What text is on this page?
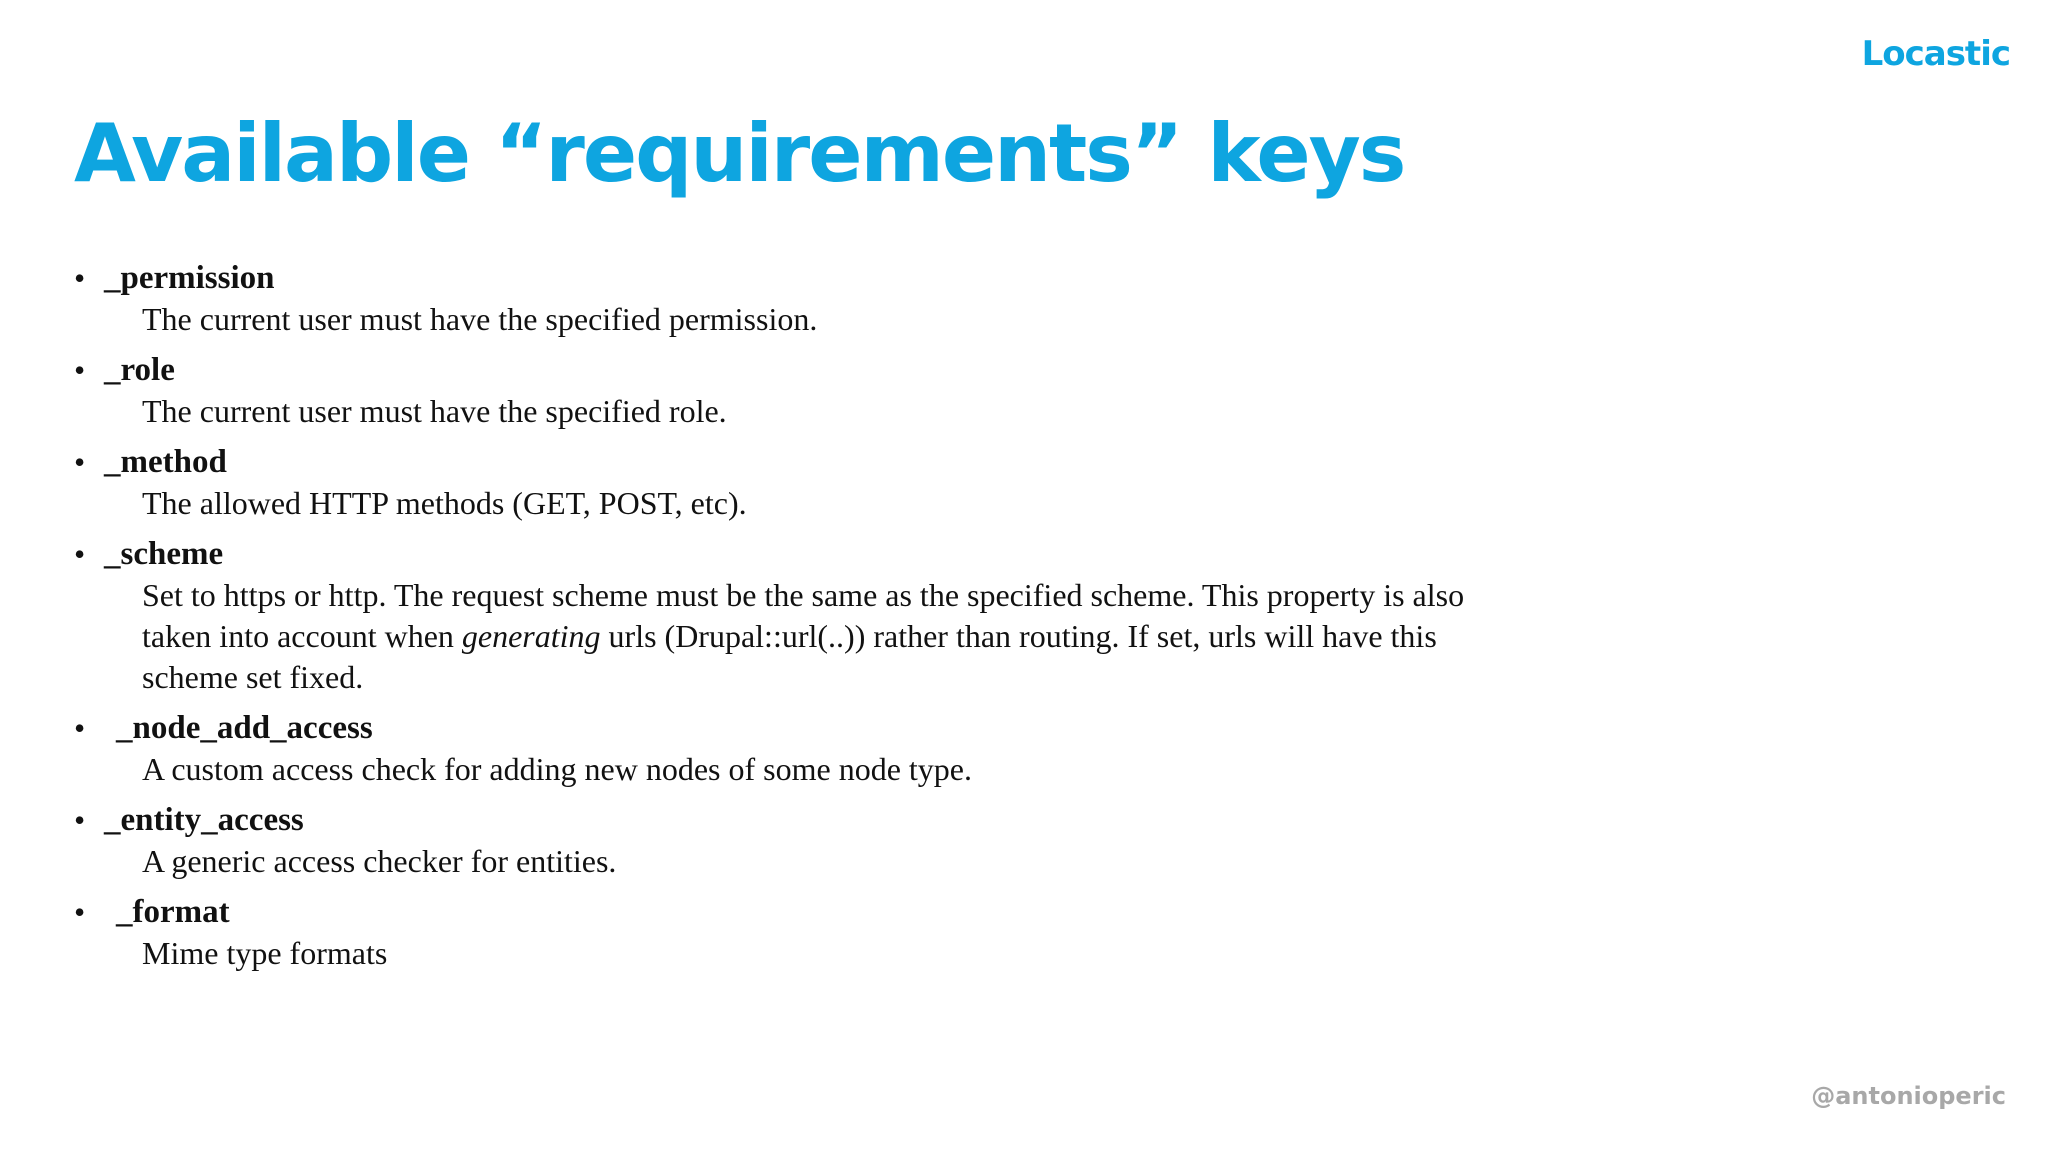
Locastic
Available “requirements” keys
• _permission
The current user must have the specified permission.
• _role
The current user must have the specified role.
• _method
The allowed HTTP methods (GET, POST, etc).
• _scheme
Set to https or http. The request scheme must be the same as the specified scheme. This property is also taken into account when generating urls (Drupal::url(..)) rather than routing. If set, urls will have this scheme set fixed.
• _node_add_access
A custom access check for adding new nodes of some node type.
• _entity_access
A generic access checker for entities.
• _format
Mime type formats
@antonioperic
